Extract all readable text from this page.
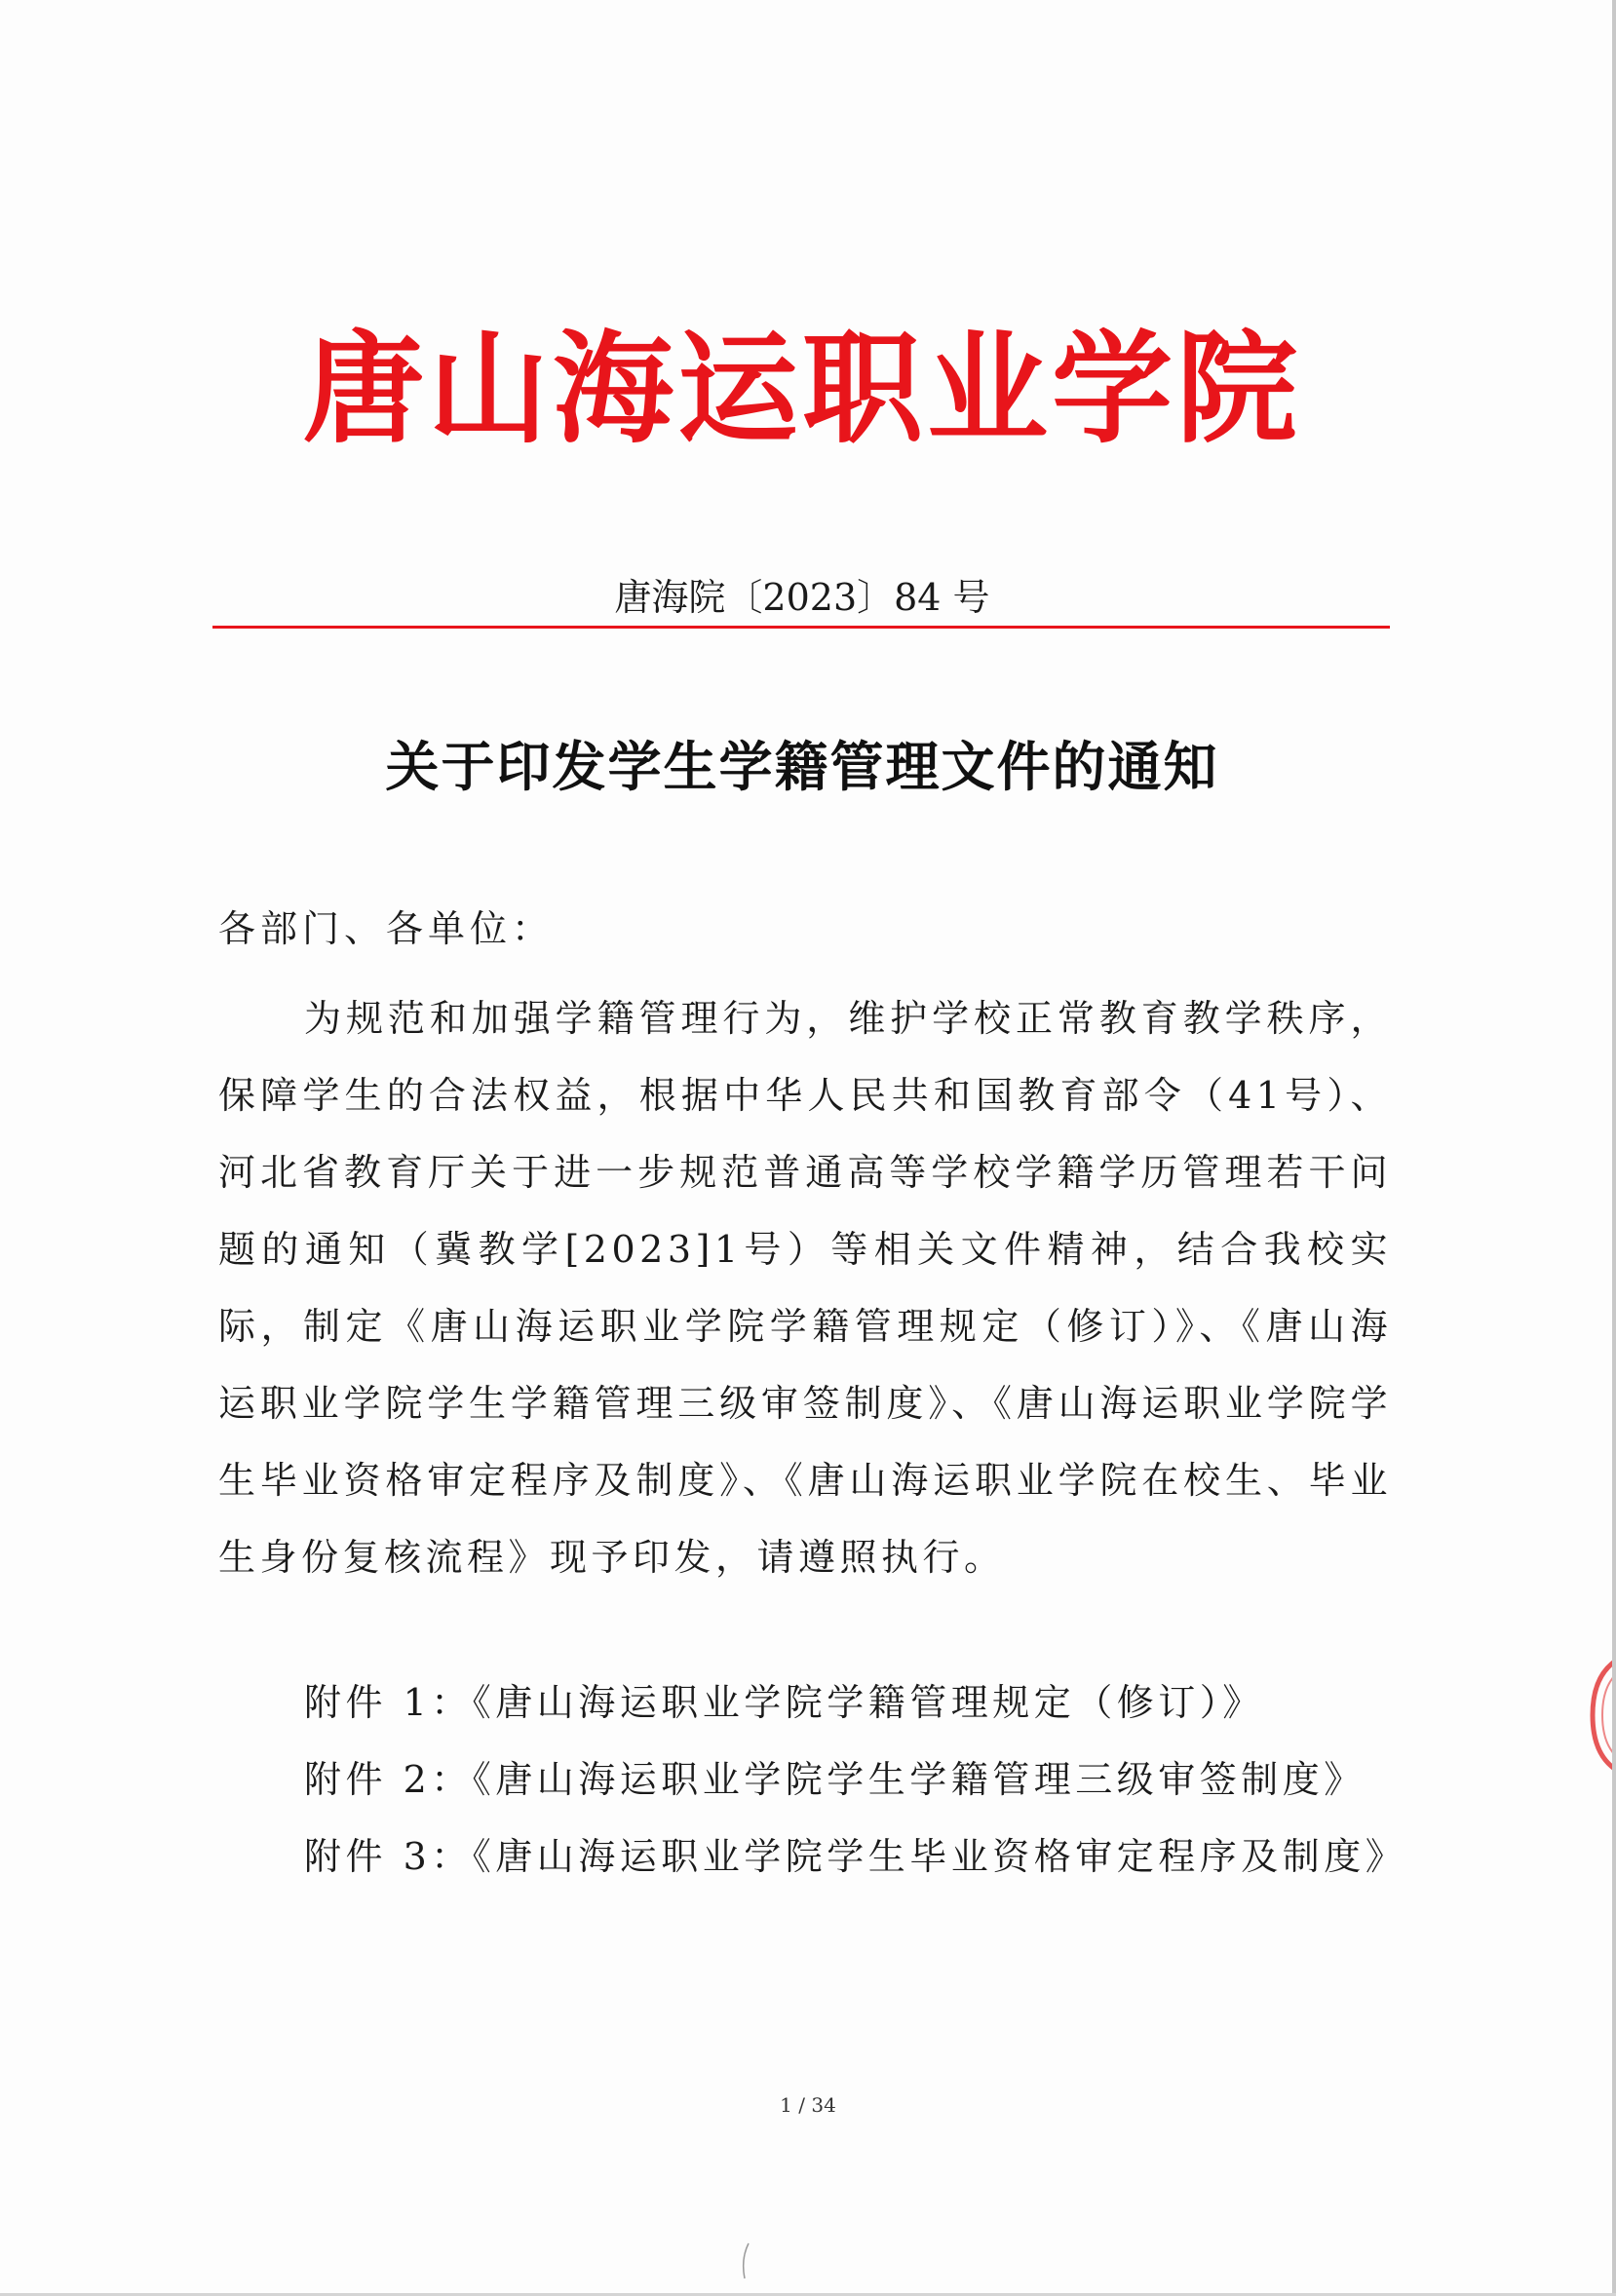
唐山海运职业学院
唐海院〔2023〕84 号
关于印发学生学籍管理文件的通知
各部门、各单位：

为规范和加强学籍管理行为，维护学校正常教育教学秩序，保障学生的合法权益，根据中华人民共和国教育部令（41号）、河北省教育厅关于进一步规范普通高等学校学籍学历管理若干问题的通知（冀教学[2023]1号）等相关文件精神，结合我校实际，制定《唐山海运职业学院学籍管理规定（修订）》、《唐山海运职业学院学生学籍管理三级审签制度》、《唐山海运职业学院学生毕业资格审定程序及制度》、《唐山海运职业学院在校生、毕业生身份复核流程》现予印发，请遵照执行。

附件 1：《唐山海运职业学院学籍管理规定（修订）》

附件 2：《唐山海运职业学院学生学籍管理三级审签制度》

附件 3：《唐山海运职业学院学生毕业资格审定程序及制度》

1 / 34
